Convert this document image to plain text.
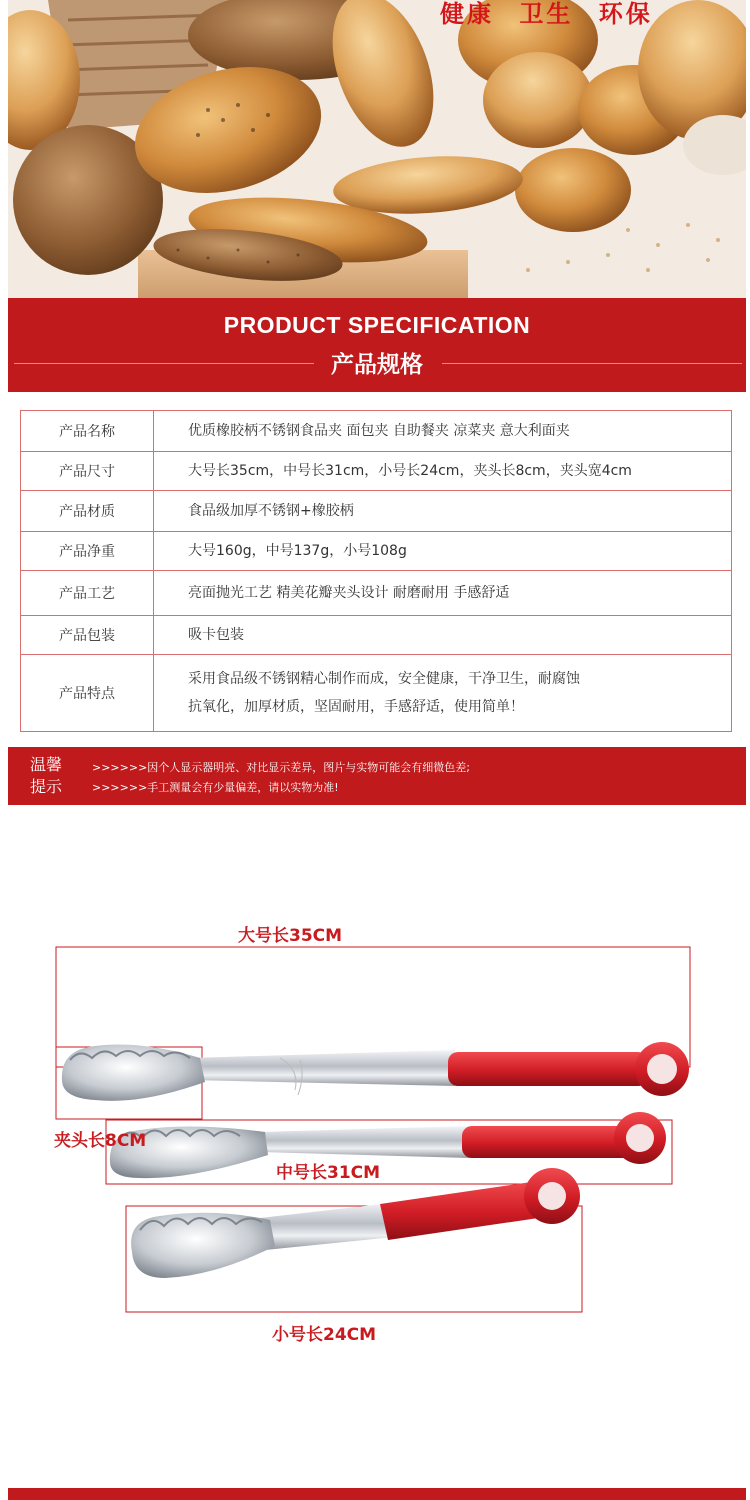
健康 卫生 环保
PRODUCT SPECIFICATION
产品规格
产品名称	优质橡胶柄不锈钢食品夹 面包夹 自助餐夹 凉菜夹 意大利面夹
产品尺寸	大号长35cm，中号长31cm，小号长24cm，夹头长8cm，夹头宽4cm
产品材质	食品级加厚不锈钢+橡胶柄
产品净重	大号160g，中号137g，小号108g
产品工艺	亮面抛光工艺 精美花瓣夹头设计 耐磨耐用 手感舒适
产品包装	吸卡包装
产品特点	采用食品级不锈钢精心制作而成，安全健康，干净卫生，耐腐蚀
抗氧化，加厚材质，坚固耐用，手感舒适，使用简单！
温馨
提示
>>>>>>因个人显示器明亮、对比显示差异，图片与实物可能会有细微色差;
>>>>>>手工测量会有少量偏差，请以实物为准!
大号长35CM
夹头长8CM
中号长31CM
小号长24CM
